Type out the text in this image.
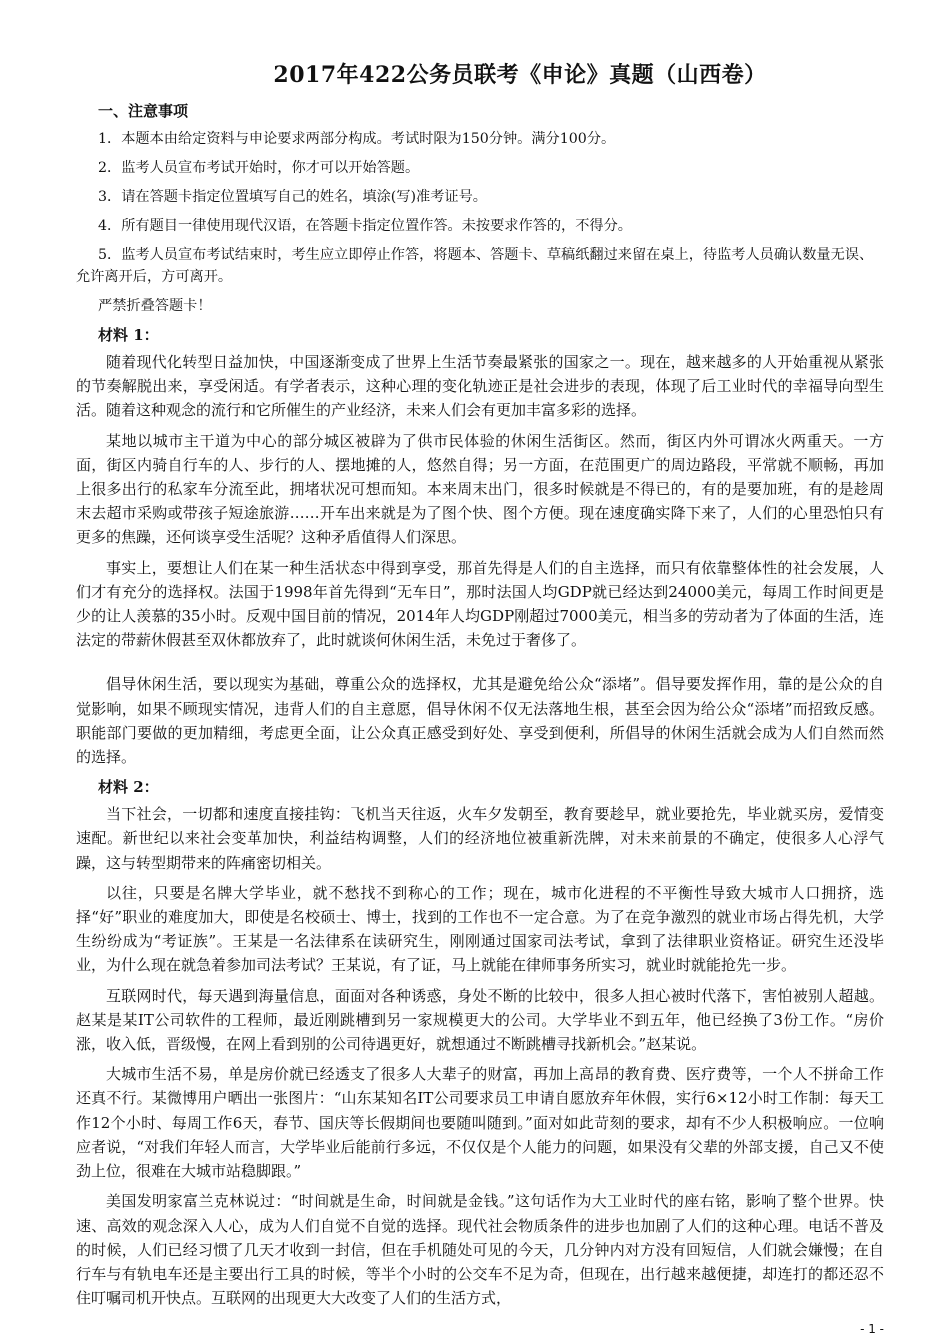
2017年422公务员联考《申论》真题（山西卷）
一、注意事项
1．本题本由给定资料与申论要求两部分构成。考试时限为150分钟。满分100分。
2．监考人员宣布考试开始时，你才可以开始答题。
3．请在答题卡指定位置填写自己的姓名，填涂(写)准考证号。
4．所有题目一律使用现代汉语，在答题卡指定位置作答。未按要求作答的，不得分。
5．监考人员宣布考试结束时，考生应立即停止作答，将题本、答题卡、草稿纸翻过来留在桌上，待监考人员确认数量无误、允许离开后，方可离开。
严禁折叠答题卡！
材料 1：

随着现代化转型日益加快，中国逐渐变成了世界上生活节奏最紧张的国家之一。现在，越来越多的人开始重视从紧张的节奏解脱出来，享受闲适。有学者表示，这种心理的变化轨迹正是社会进步的表现，体现了后工业时代的幸福导向型生活。随着这种观念的流行和它所催生的产业经济，未来人们会有更加丰富多彩的选择。

某地以城市主干道为中心的部分城区被辟为了供市民体验的休闲生活街区。然而，街区内外可谓冰火两重天。一方面，街区内骑自行车的人、步行的人、摆地摊的人，悠然自得；另一方面，在范围更广的周边路段，平常就不顺畅，再加上很多出行的私家车分流至此，拥堵状况可想而知。本来周末出门，很多时候就是不得已的，有的是要加班，有的是趁周末去超市采购或带孩子短途旅游……开车出来就是为了图个快、图个方便。现在速度确实降下来了，人们的心里恐怕只有更多的焦躁，还何谈享受生活呢？这种矛盾值得人们深思。

事实上，要想让人们在某一种生活状态中得到享受，那首先得是人们的自主选择，而只有依靠整体性的社会发展，人们才有充分的选择权。法国于1998年首先得到“无车日”，那时法国人均GDP就已经达到24000美元，每周工作时间更是少的让人羡慕的35小时。反观中国目前的情况，2014年人均GDP刚超过7000美元，相当多的劳动者为了体面的生活，连法定的带薪休假甚至双休都放弃了，此时就谈何休闲生活，未免过于奢侈了。

倡导休闲生活，要以现实为基础，尊重公众的选择权，尤其是避免给公众“添堵”。倡导要发挥作用，靠的是公众的自觉影响，如果不顾现实情况，违背人们的自主意愿，倡导休闲不仅无法落地生根，甚至会因为给公众“添堵”而招致反感。职能部门要做的更加精细，考虑更全面，让公众真正感受到好处、享受到便利，所倡导的休闲生活就会成为人们自然而然的选择。

材料 2：

当下社会，一切都和速度直接挂钩：飞机当天往返，火车夕发朝至，教育要趁早，就业要抢先，毕业就买房，爱情变速配。新世纪以来社会变革加快，利益结构调整，人们的经济地位被重新洗牌，对未来前景的不确定，使很多人心浮气躁，这与转型期带来的阵痛密切相关。

以往，只要是名牌大学毕业，就不愁找不到称心的工作；现在，城市化进程的不平衡性导致大城市人口拥挤，选择“好”职业的难度加大，即使是名校硕士、博士，找到的工作也不一定合意。为了在竞争激烈的就业市场占得先机，大学生纷纷成为“考证族”。王某是一名法律系在读研究生，刚刚通过国家司法考试，拿到了法律职业资格证。研究生还没毕业，为什么现在就急着参加司法考试？王某说，有了证，马上就能在律师事务所实习，就业时就能抢先一步。

互联网时代，每天遇到海量信息，面面对各种诱惑，身处不断的比较中，很多人担心被时代落下，害怕被别人超越。赵某是某IT公司软件的工程师，最近刚跳槽到另一家规模更大的公司。大学毕业不到五年，他已经换了3份工作。“房价涨，收入低，晋级慢，在网上看到别的公司待遇更好，就想通过不断跳槽寻找新机会。”赵某说。

大城市生活不易，单是房价就已经透支了很多人大辈子的财富，再加上高昂的教育费、医疗费等，一个人不拼命工作还真不行。某微博用户晒出一张图片：“山东某知名IT公司要求员工申请自愿放弃年休假，实行6×12小时工作制：每天工作12个小时、每周工作6天，春节、国庆等长假期间也要随叫随到。”面对如此苛刻的要求，却有不少人积极响应。一位响应者说，“对我们年轻人而言，大学毕业后能前行多远，不仅仅是个人能力的问题，如果没有父辈的外部支援，自己又不使劲上位，很难在大城市站稳脚跟。”

美国发明家富兰克林说过：“时间就是生命，时间就是金钱。”这句话作为大工业时代的座右铭，影响了整个世界。快速、高效的观念深入人心，成为人们自觉不自觉的选择。现代社会物质条件的进步也加剧了人们的这种心理。电话不普及的时候，人们已经习惯了几天才收到一封信，但在手机随处可见的今天，几分钟内对方没有回短信，人们就会嫌慢；在自行车与有轨电车还是主要出行工具的时候，等半个小时的公交车不足为奇，但现在，出行越来越便捷，却连打的都还忍不住叮嘱司机开快点。互联网的出现更大大改变了人们的生活方式，

- 1 -
